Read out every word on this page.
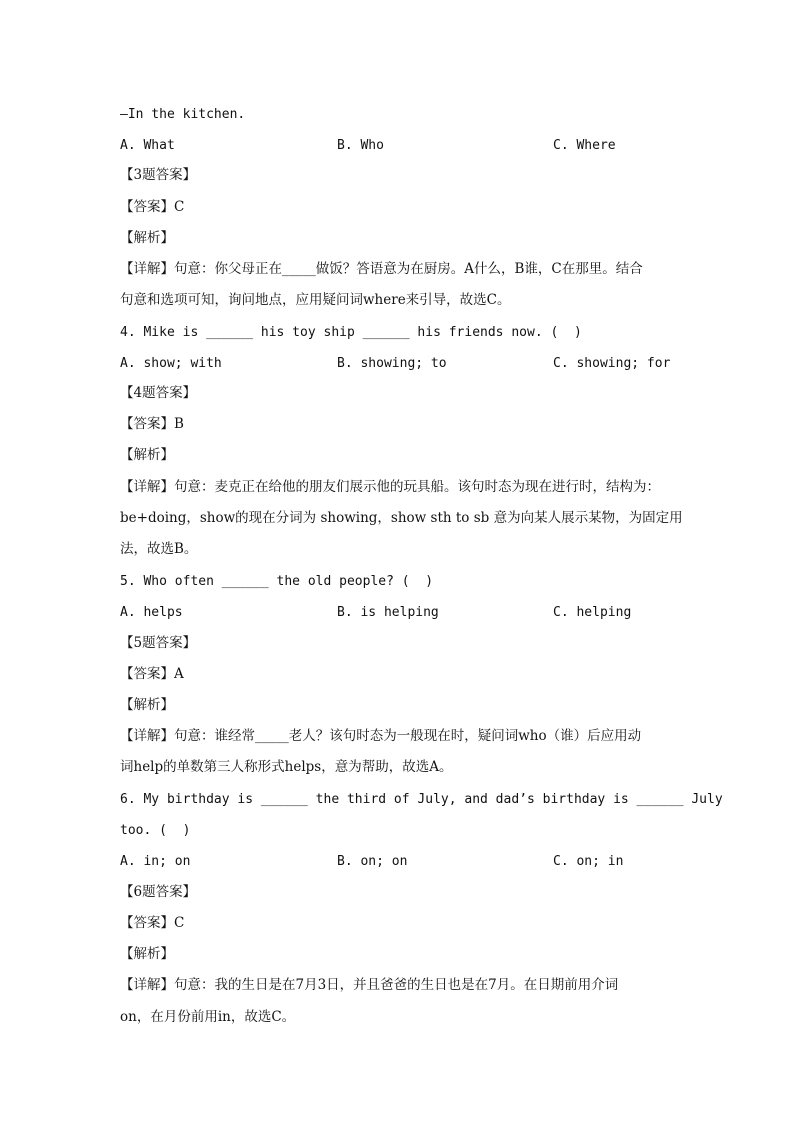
—In the kitchen.
A. What	B. Who	C. Where
【3题答案】
【答案】C
【解析】
【详解】句意：你父母正在_____做饭？答语意为在厨房。A什么，B谁，C在那里。结合
句意和选项可知，询问地点，应用疑问词where来引导，故选C。
4. Mike is ______ his toy ship ______ his friends now. (  )
A. show; with	B. showing; to	C. showing; for
【4题答案】
【答案】B
【解析】
【详解】句意：麦克正在给他的朋友们展示他的玩具船。该句时态为现在进行时，结构为：
be+doing，show的现在分词为 showing，show sth to sb 意为向某人展示某物，为固定用
法，故选B。
5. Who often ______ the old people? (  )
A. helps	B. is helping	C. helping
【5题答案】
【答案】A
【解析】
【详解】句意：谁经常_____老人？该句时态为一般现在时，疑问词who（谁）后应用动
词help的单数第三人称形式helps，意为帮助，故选A。
6. My birthday is ______ the third of July, and dad’s birthday is ______ July
too. (  )
A. in; on	B. on; on	C. on; in
【6题答案】
【答案】C
【解析】
【详解】句意：我的生日是在7月3日，并且爸爸的生日也是在7月。在日期前用介词
on，在月份前用in，故选C。
